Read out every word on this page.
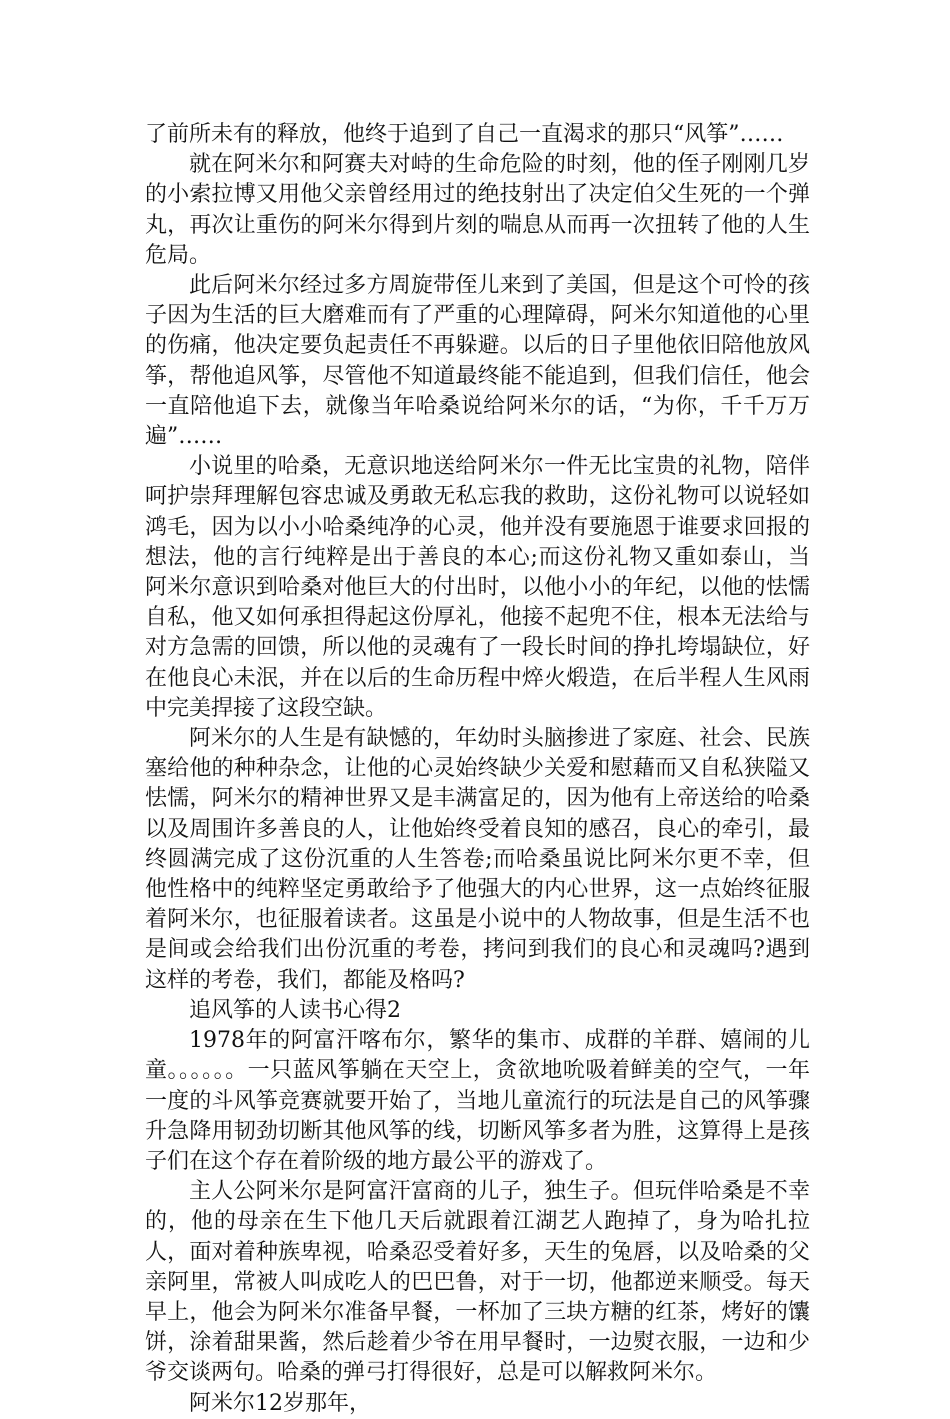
了前所未有的释放，他终于追到了自己一直渴求的那只“风筝”……

就在阿米尔和阿赛夫对峙的生命危险的时刻，他的侄子刚刚几岁的小索拉博又用他父亲曾经用过的绝技射出了决定伯父生死的一个弹丸，再次让重伤的阿米尔得到片刻的喘息从而再一次扭转了他的人生危局。

此后阿米尔经过多方周旋带侄儿来到了美国，但是这个可怜的孩子因为生活的巨大磨难而有了严重的心理障碍，阿米尔知道他的心里的伤痛，他决定要负起责任不再躲避。以后的日子里他依旧陪他放风筝，帮他追风筝，尽管他不知道最终能不能追到，但我们信任，他会一直陪他追下去，就像当年哈桑说给阿米尔的话，“为你，千千万万遍”……

小说里的哈桑，无意识地送给阿米尔一件无比宝贵的礼物，陪伴呵护崇拜理解包容忠诚及勇敢无私忘我的救助，这份礼物可以说轻如鸿毛，因为以小小哈桑纯净的心灵，他并没有要施恩于谁要求回报的想法，他的言行纯粹是出于善良的本心;而这份礼物又重如泰山，当阿米尔意识到哈桑对他巨大的付出时，以他小小的年纪，以他的怯懦自私，他又如何承担得起这份厚礼，他接不起兜不住，根本无法给与对方急需的回馈，所以他的灵魂有了一段长时间的挣扎垮塌缺位，好在他良心未泯，并在以后的生命历程中焠火煅造，在后半程人生风雨中完美捍接了这段空缺。

阿米尔的人生是有缺憾的，年幼时头脑掺进了家庭、社会、民族塞给他的种种杂念，让他的心灵始终缺少关爱和慰藉而又自私狭隘又怯懦，阿米尔的精神世界又是丰满富足的，因为他有上帝送给的哈桑以及周围许多善良的人，让他始终受着良知的感召，良心的牵引，最终圆满完成了这份沉重的人生答卷;而哈桑虽说比阿米尔更不幸，但他性格中的纯粹坚定勇敢给予了他强大的内心世界，这一点始终征服着阿米尔，也征服着读者。这虽是小说中的人物故事，但是生活不也是间或会给我们出份沉重的考卷，拷问到我们的良心和灵魂吗?遇到这样的考卷，我们，都能及格吗?

追风筝的人读书心得2

1978年的阿富汗喀布尔，繁华的集市、成群的羊群、嬉闹的儿童。。。。。。一只蓝风筝躺在天空上，贪欲地吮吸着鲜美的空气，一年一度的斗风筝竞赛就要开始了，当地儿童流行的玩法是自己的风筝骤升急降用韧劲切断其他风筝的线，切断风筝多者为胜，这算得上是孩子们在这个存在着阶级的地方最公平的游戏了。

主人公阿米尔是阿富汗富商的儿子，独生子。但玩伴哈桑是不幸的，他的母亲在生下他几天后就跟着江湖艺人跑掉了，身为哈扎拉人，面对着种族卑视，哈桑忍受着好多，天生的兔唇，以及哈桑的父亲阿里，常被人叫成吃人的巴巴鲁，对于一切，他都逆来顺受。每天早上，他会为阿米尔准备早餐，一杯加了三块方糖的红茶，烤好的馕饼，涂着甜果酱，然后趁着少爷在用早餐时，一边熨衣服，一边和少爷交谈两句。哈桑的弹弓打得很好，总是可以解救阿米尔。

阿米尔12岁那年，
